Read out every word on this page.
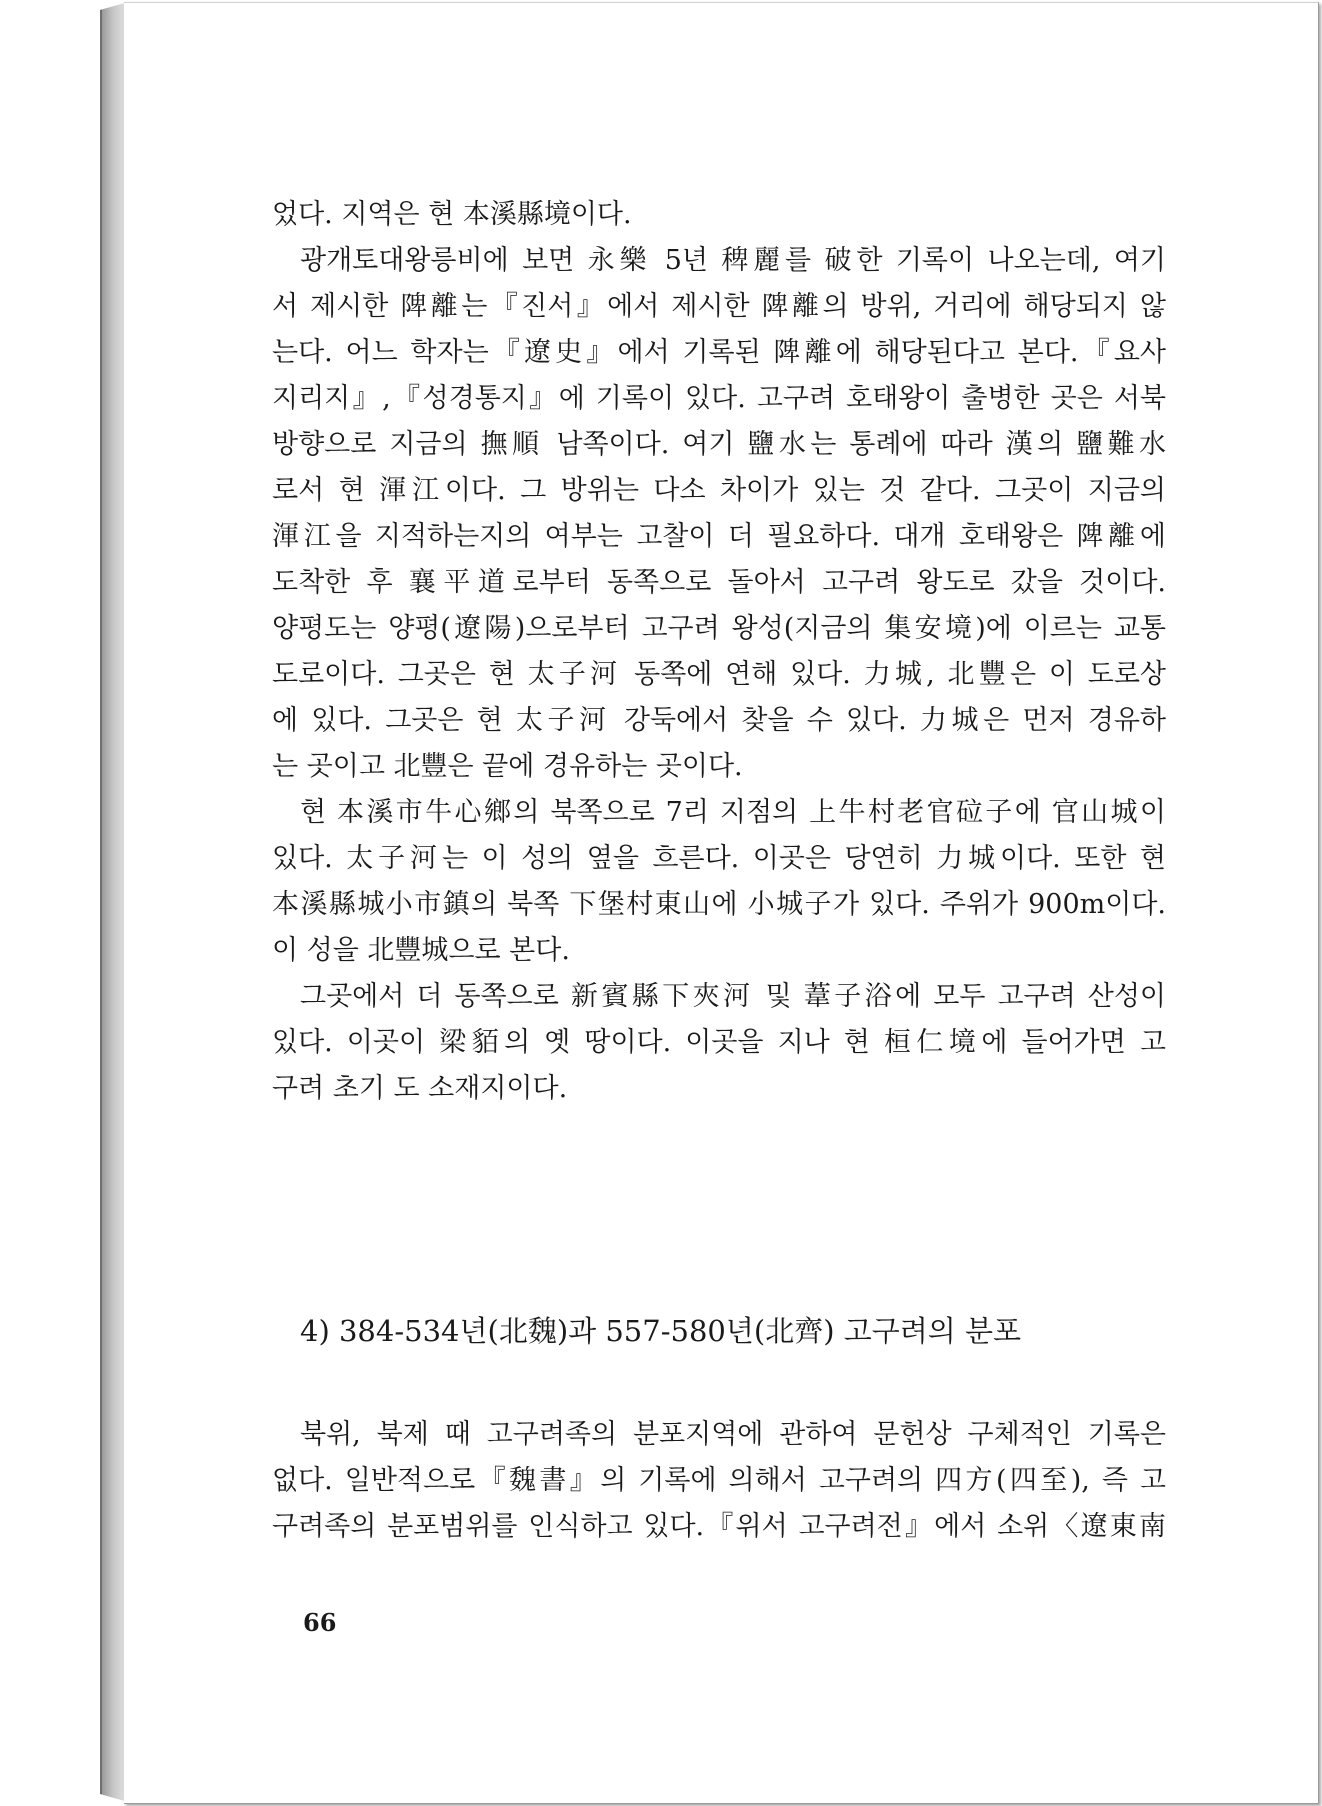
었다. 지역은 현 本溪縣境이다.
광개토대왕릉비에 보면 永樂 5년 稗麗를 破한 기록이 나오는데, 여기
서 제시한 陴離는『진서』에서 제시한 陴離의 방위, 거리에 해당되지 않
는다. 어느 학자는『遼史』에서 기록된 陴離에 해당된다고 본다.『요사
지리지』,『성경통지』에 기록이 있다. 고구려 호태왕이 출병한 곳은 서북
방향으로 지금의 撫順 남쪽이다. 여기 鹽水는 통례에 따라 漢의 鹽難水
로서 현 渾江이다. 그 방위는 다소 차이가 있는 것 같다. 그곳이 지금의
渾江을 지적하는지의 여부는 고찰이 더 필요하다. 대개 호태왕은 陴離에
도착한 후 襄平道로부터 동쪽으로 돌아서 고구려 왕도로 갔을 것이다.
양평도는 양평(遼陽)으로부터 고구려 왕성(지금의 集安境)에 이르는 교통
도로이다. 그곳은 현 太子河 동쪽에 연해 있다. 力城, 北豐은 이 도로상
에 있다. 그곳은 현 太子河 강둑에서 찾을 수 있다. 力城은 먼저 경유하
는 곳이고 北豐은 끝에 경유하는 곳이다.
현 本溪市牛心鄉의 북쪽으로 7리 지점의 上牛村老官砬子에 官山城이
있다. 太子河는 이 성의 옆을 흐른다. 이곳은 당연히 力城이다. 또한 현
本溪縣城小市鎮의 북쪽 下堡村東山에 小城子가 있다. 주위가 900m이다.
이 성을 北豐城으로 본다.
그곳에서 더 동쪽으로 新賓縣下夾河 및 葦子浴에 모두 고구려 산성이
있다. 이곳이 梁貊의 옛 땅이다. 이곳을 지나 현 桓仁境에 들어가면 고
구려 초기 도 소재지이다.
4) 384-534년(北魏)과 557-580년(北齊) 고구려의 분포
북위, 북제 때 고구려족의 분포지역에 관하여 문헌상 구체적인 기록은
없다. 일반적으로『魏書』의 기록에 의해서 고구려의 四方(四至), 즉 고
구려족의 분포범위를 인식하고 있다.『위서 고구려전』에서 소위〈遼東南
66
